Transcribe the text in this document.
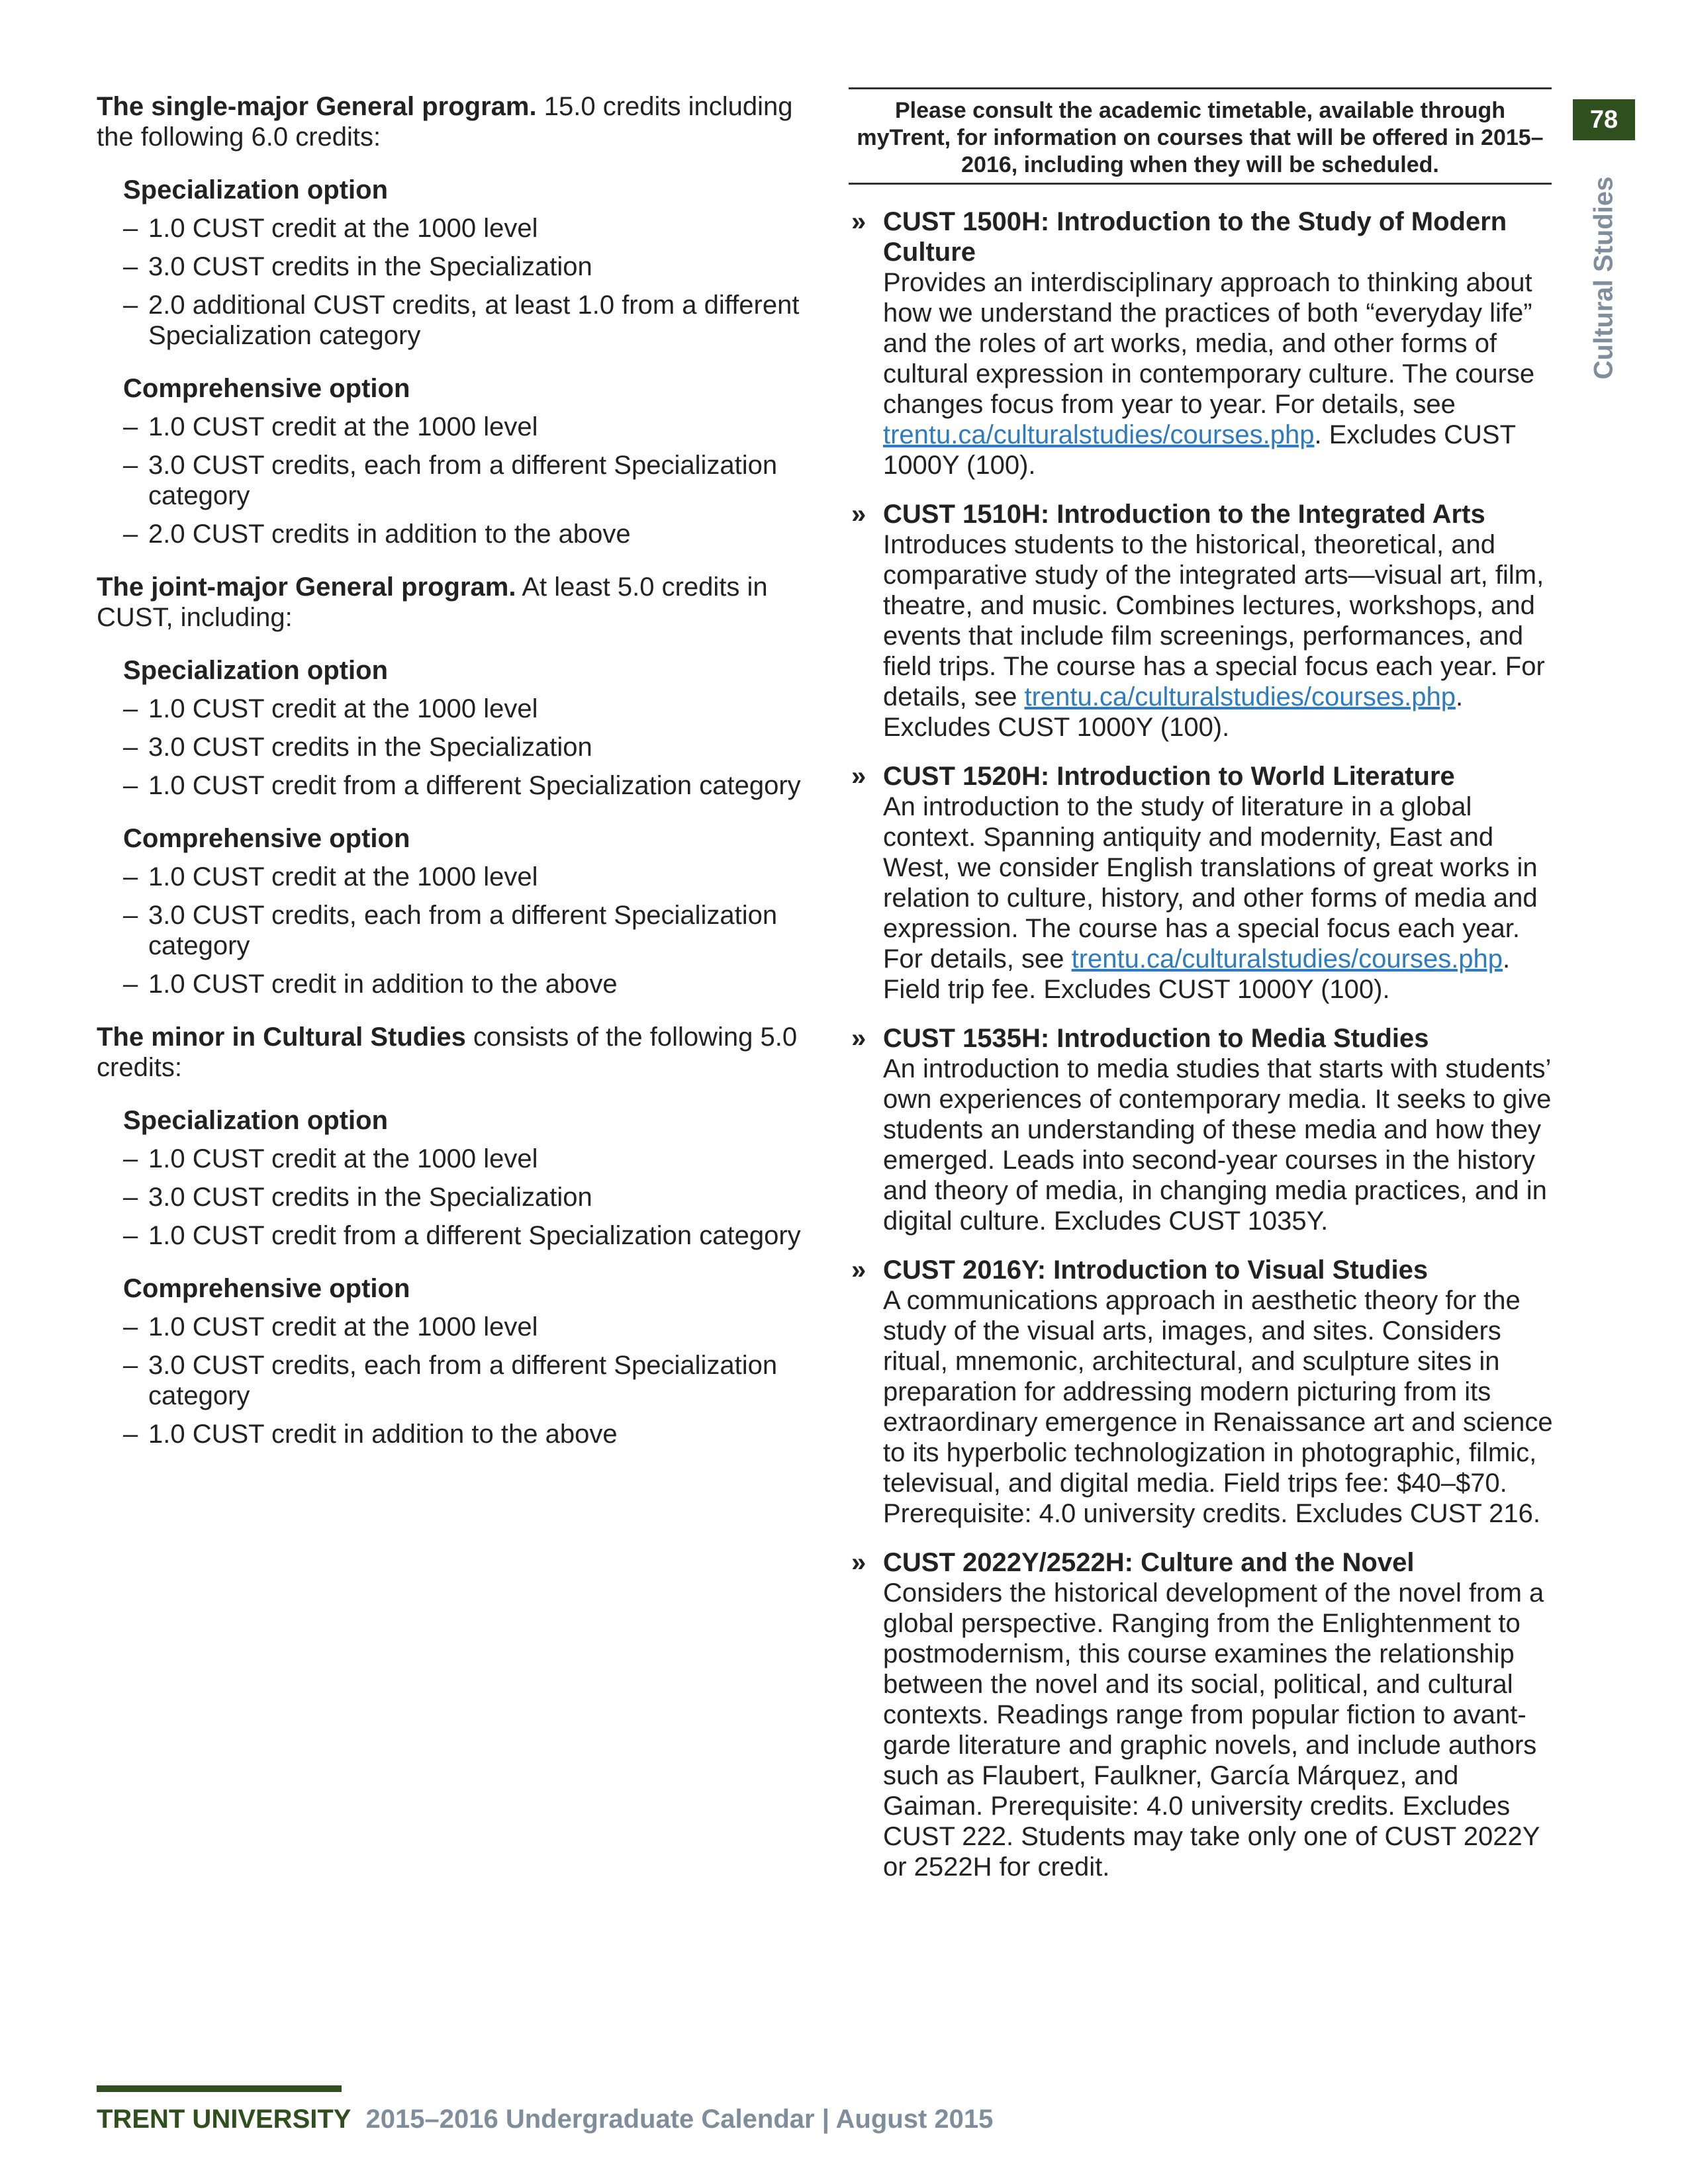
The single-major General program. 15.0 credits including the following 6.0 credits:

Specialization option
– 1.0 CUST credit at the 1000 level
– 3.0 CUST credits in the Specialization
– 2.0 additional CUST credits, at least 1.0 from a different Specialization category
Comprehensive option
– 1.0 CUST credit at the 1000 level
– 3.0 CUST credits, each from a different Specialization category
– 2.0 CUST credits in addition to the above

The joint-major General program. At least 5.0 credits in CUST, including:

Specialization option
– 1.0 CUST credit at the 1000 level
– 3.0 CUST credits in the Specialization
– 1.0 CUST credit from a different Specialization category
Comprehensive option
– 1.0 CUST credit at the 1000 level
– 3.0 CUST credits, each from a different Specialization category
– 1.0 CUST credit in addition to the above

The minor in Cultural Studies consists of the following 5.0 credits:

Specialization option
– 1.0 CUST credit at the 1000 level
– 3.0 CUST credits in the Specialization
– 1.0 CUST credit from a different Specialization category
Comprehensive option
– 1.0 CUST credit at the 1000 level
– 3.0 CUST credits, each from a different Specialization category
– 1.0 CUST credit in addition to the above
Please consult the academic timetable, available through myTrent, for information on courses that will be offered in 2015–2016, including when they will be scheduled.
» CUST 1500H: Introduction to the Study of Modern Culture
Provides an interdisciplinary approach to thinking about how we understand the practices of both “everyday life” and the roles of art works, media, and other forms of cultural expression in contemporary culture. The course changes focus from year to year. For details, see trentu.ca/culturalstudies/courses.php. Excludes CUST 1000Y (100).
» CUST 1510H: Introduction to the Integrated Arts
Introduces students to the historical, theoretical, and comparative study of the integrated arts—visual art, film, theatre, and music. Combines lectures, workshops, and events that include film screenings, performances, and field trips. The course has a special focus each year. For details, see trentu.ca/culturalstudies/courses.php. Excludes CUST 1000Y (100).
» CUST 1520H: Introduction to World Literature
An introduction to the study of literature in a global context. Spanning antiquity and modernity, East and West, we consider English translations of great works in relation to culture, history, and other forms of media and expression. The course has a special focus each year. For details, see trentu.ca/culturalstudies/courses.php. Field trip fee. Excludes CUST 1000Y (100).
» CUST 1535H: Introduction to Media Studies
An introduction to media studies that starts with students’ own experiences of contemporary media. It seeks to give students an understanding of these media and how they emerged. Leads into second-year courses in the history and theory of media, in changing media practices, and in digital culture. Excludes CUST 1035Y.
» CUST 2016Y: Introduction to Visual Studies
A communications approach in aesthetic theory for the study of the visual arts, images, and sites. Considers ritual, mnemonic, architectural, and sculpture sites in preparation for addressing modern picturing from its extraordinary emergence in Renaissance art and science to its hyperbolic technologization in photographic, filmic, televisual, and digital media. Field trips fee: $40–$70. Prerequisite: 4.0 university credits. Excludes CUST 216.
» CUST 2022Y/2522H: Culture and the Novel
Considers the historical development of the novel from a global perspective. Ranging from the Enlightenment to postmodernism, this course examines the relationship between the novel and its social, political, and cultural contexts. Readings range from popular fiction to avant-garde literature and graphic novels, and include authors such as Flaubert, Faulkner, García Márquez, and Gaiman. Prerequisite: 4.0 university credits. Excludes CUST 222. Students may take only one of CUST 2022Y or 2522H for credit.
78
Cultural Studies
TRENT UNIVERSITY 2015–2016 Undergraduate Calendar | August 2015
